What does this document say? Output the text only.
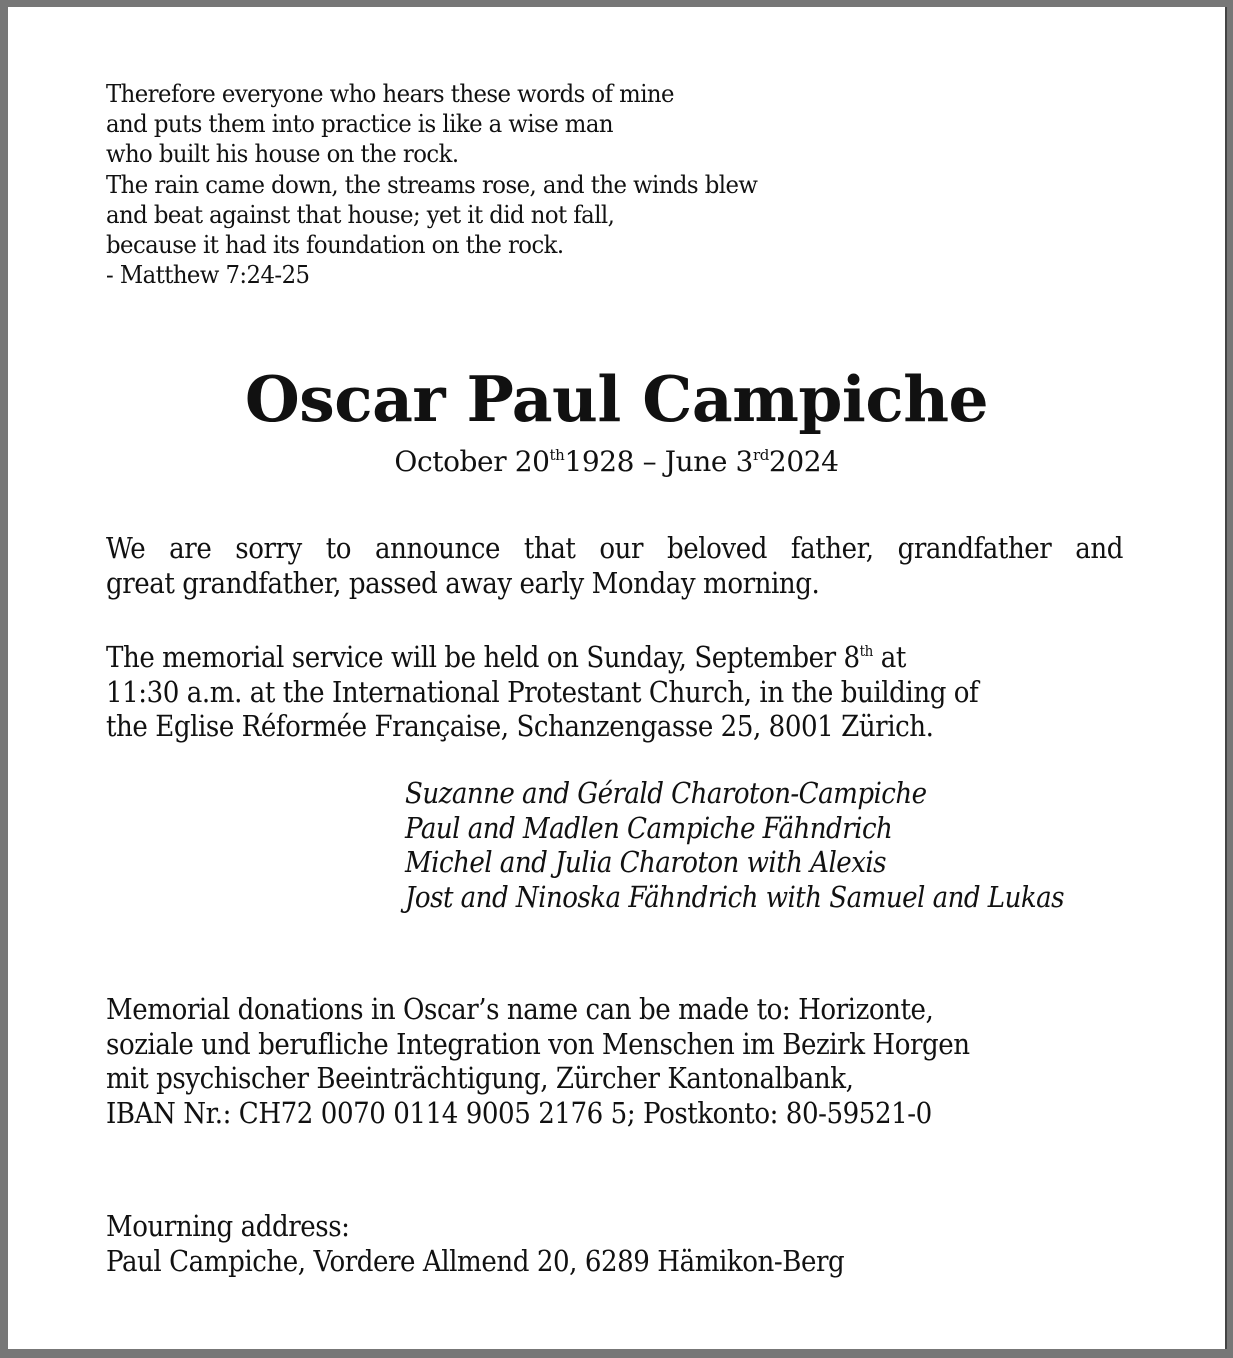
Therefore everyone who hears these words of mine
and puts them into practice is like a wise man
who built his house on the rock.
The rain came down, the streams rose, and the winds blew
and beat against that house; yet it did not fall,
because it had its foundation on the rock.
- Matthew 7:24-25
Oscar Paul Campiche
October 20th1928 – June 3rd2024
We are sorry to announce that our beloved father, grandfather and
great grandfather, passed away early Monday morning.
The memorial service will be held on Sunday, September 8th at
11:30 a.m. at the International Protestant Church, in the building of
the Eglise Réformée Française, Schanzengasse 25, 8001 Zürich.
Suzanne and Gérald Charoton-Campiche
Paul and Madlen Campiche Fähndrich
Michel and Julia Charoton with Alexis
Jost and Ninoska Fähndrich with Samuel and Lukas
Memorial donations in Oscar’s name can be made to: Horizonte,
soziale und berufliche Integration von Menschen im Bezirk Horgen
mit psychischer Beeinträchtigung, Zürcher Kantonalbank,
IBAN Nr.: CH72 0070 0114 9005 2176 5; Postkonto: 80-59521-0
Mourning address:
Paul Campiche, Vordere Allmend 20, 6289 Hämikon-Berg
